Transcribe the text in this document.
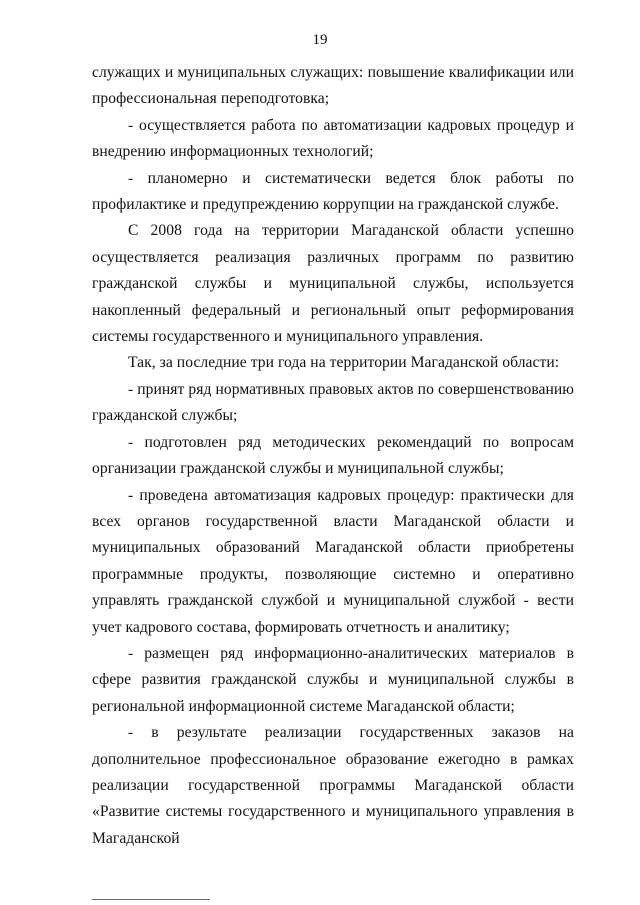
19

служащих и муниципальных служащих: повышение квалификации или профессиональная переподготовка;

- осуществляется работа по автоматизации кадровых процедур и внедрению информационных технологий;

- планомерно и систематически ведется блок работы по профилактике и предупреждению коррупции на гражданской службе.

С 2008 года на территории Магаданской области успешно осуществляется реализация различных программ по развитию гражданской службы и муниципальной службы, используется накопленный федеральный и региональный опыт реформирования системы государственного и муниципального управления.

Так, за последние три года на территории Магаданской области:

- принят ряд нормативных правовых актов по совершенствованию гражданской службы;

- подготовлен ряд методических рекомендаций по вопросам организации гражданской службы и муниципальной службы;

- проведена автоматизация кадровых процедур: практически для всех органов государственной власти Магаданской области и муниципальных образований Магаданской области приобретены программные продукты, позволяющие системно и оперативно управлять гражданской службой и муниципальной службой - вести учет кадрового состава, формировать отчетность и аналитику;

- размещен ряд информационно-аналитических материалов в сфере развития гражданской службы и муниципальной службы в региональной информационной системе Магаданской области;

- в результате реализации государственных заказов на дополнительное профессиональное образование ежегодно в рамках реализации государственной программы Магаданской области «Развитие системы государственного и муниципального управления в Магаданской
